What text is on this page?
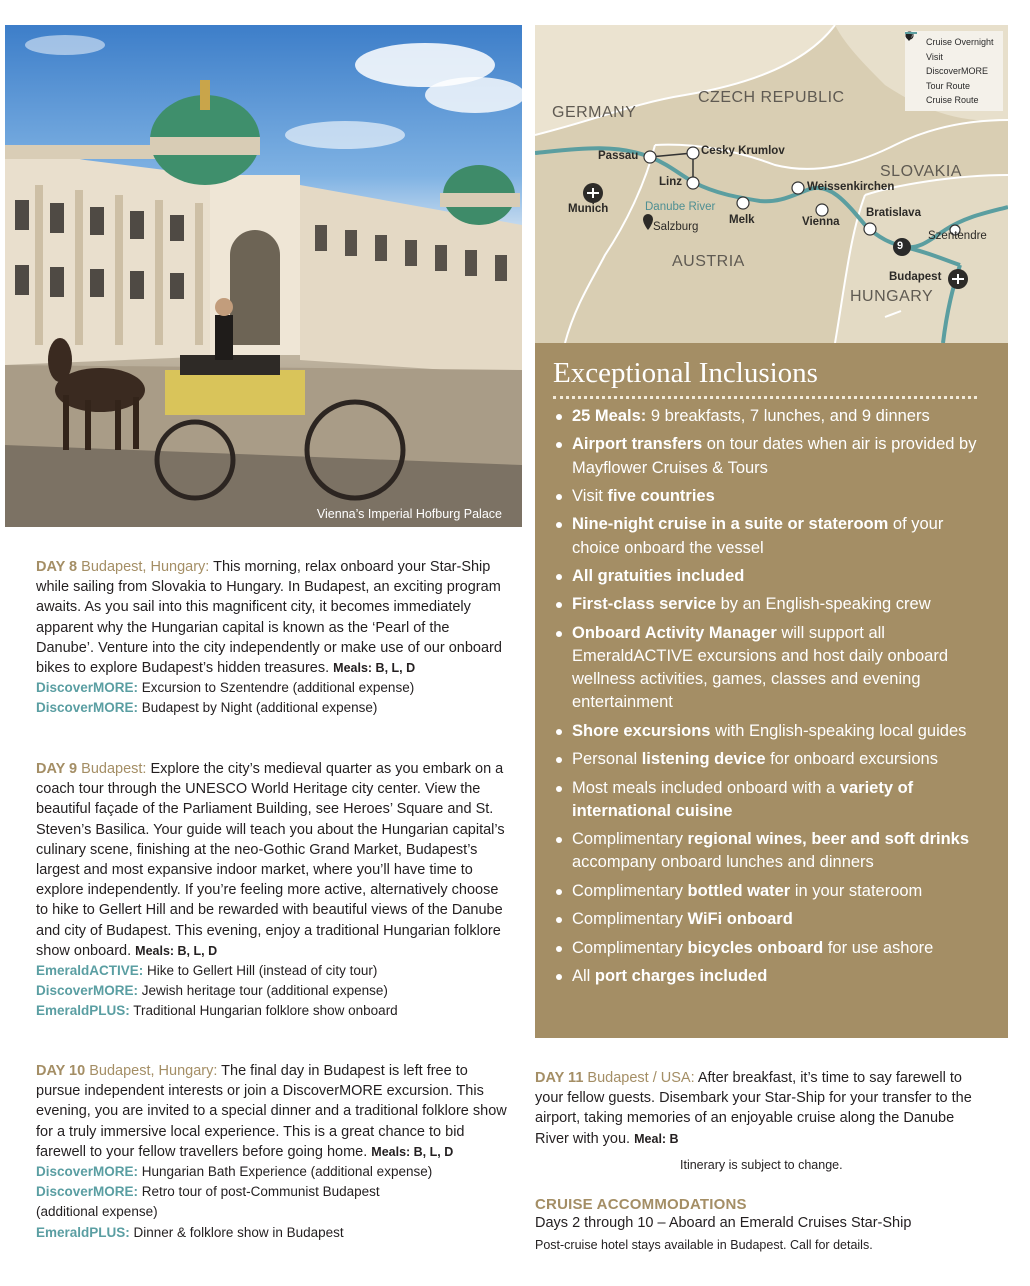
Vienna’s Imperial Hofburg Palace
GERMANY
CZECH REPUBLIC
SLOVAKIA
AUSTRIA
HUNGARY
Passau	Cesky Krumlov
Linz
Munich
Weissenkirchen
Melk	Vienna
Bratislava
Salzburg
Szentendre
Budapest
Danube River
9
Cruise Overnight
Visit
DiscoverMORE
Tour Route
Cruise Route
Exceptional Inclusions
25 Meals: 9 breakfasts, 7 lunches, and 9 dinners
Airport transfers on tour dates when air is provided by Mayflower Cruises & Tours
Visit five countries
Nine-night cruise in a suite or stateroom of your choice onboard the vessel
All gratuities included
First-class service by an English-speaking crew
Onboard Activity Manager will support all EmeraldACTIVE excursions and host daily onboard wellness activities, games, classes and evening entertainment
Shore excursions with English-speaking local guides
Personal listening device for onboard excursions
Most meals included onboard with a variety of international cuisine
Complimentary regional wines, beer and soft drinks accompany onboard lunches and dinners
Complimentary bottled water in your stateroom
Complimentary WiFi onboard
Complimentary bicycles onboard for use ashore
All port charges included

DAY 8 Budapest, Hungary: This morning, relax onboard your Star-Ship while sailing from Slovakia to Hungary. In Budapest, an exciting program awaits. As you sail into this magnificent city, it becomes immediately apparent why the Hungarian capital is known as the ‘Pearl of the Danube’. Venture into the city independently or make use of our onboard bikes to explore Budapest’s hidden treasures. Meals: B, L, D

DiscoverMORE: Excursion to Szentendre (additional expense)

DiscoverMORE: Budapest by Night (additional expense)

DAY 9 Budapest: Explore the city’s medieval quarter as you embark on a coach tour through the UNESCO World Heritage city center. View the beautiful façade of the Parliament Building, see Heroes’ Square and St. Steven’s Basilica. Your guide will teach you about the Hungarian capital’s culinary scene, finishing at the neo-Gothic Grand Market, Budapest’s largest and most expansive indoor market, where you’ll have time to explore independently. If you’re feeling more active, alternatively choose to hike to Gellert Hill and be rewarded with beautiful views of the Danube and city of Budapest. This evening, enjoy a traditional Hungarian folklore show onboard. Meals: B, L, D

EmeraldACTIVE: Hike to Gellert Hill (instead of city tour)

DiscoverMORE: Jewish heritage tour (additional expense)

EmeraldPLUS: Traditional Hungarian folklore show onboard

DAY 10 Budapest, Hungary: The final day in Budapest is left free to pursue independent interests or join a DiscoverMORE excursion. This evening, you are invited to a special dinner and a traditional folklore show for a truly immersive local experience. This is a great chance to bid farewell to your fellow travellers before going home. Meals: B, L, D

DiscoverMORE: Hungarian Bath Experience (additional expense)

DiscoverMORE: Retro tour of post-Communist Budapest (additional expense)

EmeraldPLUS: Dinner & folklore show in Budapest

DAY 11 Budapest / USA: After breakfast, it’s time to say farewell to your fellow guests. Disembark your Star-Ship for your transfer to the airport, taking memories of an enjoyable cruise along the Danube River with you. Meal: B

Itinerary is subject to change.
CRUISE ACCOMMODATIONS
Days 2 through 10 – Aboard an Emerald Cruises Star-Ship
Post-cruise hotel stays available in Budapest. Call for details.
